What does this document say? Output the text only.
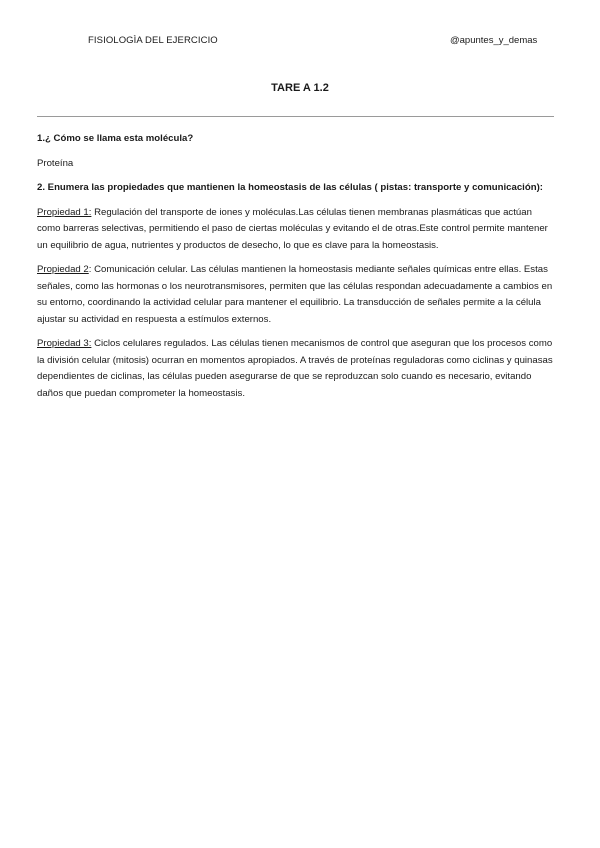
FISIOLOGÌA DEL EJERCICIO	@apuntes_y_demas
TARE A 1.2

1.¿ Cómo se llama esta molécula?

Proteína

2. Enumera las propiedades que mantienen la homeostasis de las células ( pistas: transporte y comunicación):

Propiedad 1: Regulación del transporte de iones y moléculas.Las células tienen membranas plasmáticas que actúan como barreras selectivas, permitiendo el paso de ciertas moléculas y evitando el de otras.Este control permite mantener un equilibrio de agua, nutrientes y productos de desecho, lo que es clave para la homeostasis.

Propiedad 2: Comunicación celular. Las células mantienen la homeostasis mediante señales químicas entre ellas. Estas señales, como las hormonas o los neurotransmisores, permiten que las células respondan adecuadamente a cambios en su entorno, coordinando la actividad celular para mantener el equilibrio. La transducción de señales permite a la célula ajustar su actividad en respuesta a estímulos externos.

Propiedad 3: Ciclos celulares regulados. Las células tienen mecanismos de control que aseguran que los procesos como la división celular (mitosis) ocurran en momentos apropiados. A través de proteínas reguladoras como ciclinas y quinasas dependientes de ciclinas, las células pueden asegurarse de que se reproduzcan solo cuando es necesario, evitando daños que puedan comprometer la homeostasis.
